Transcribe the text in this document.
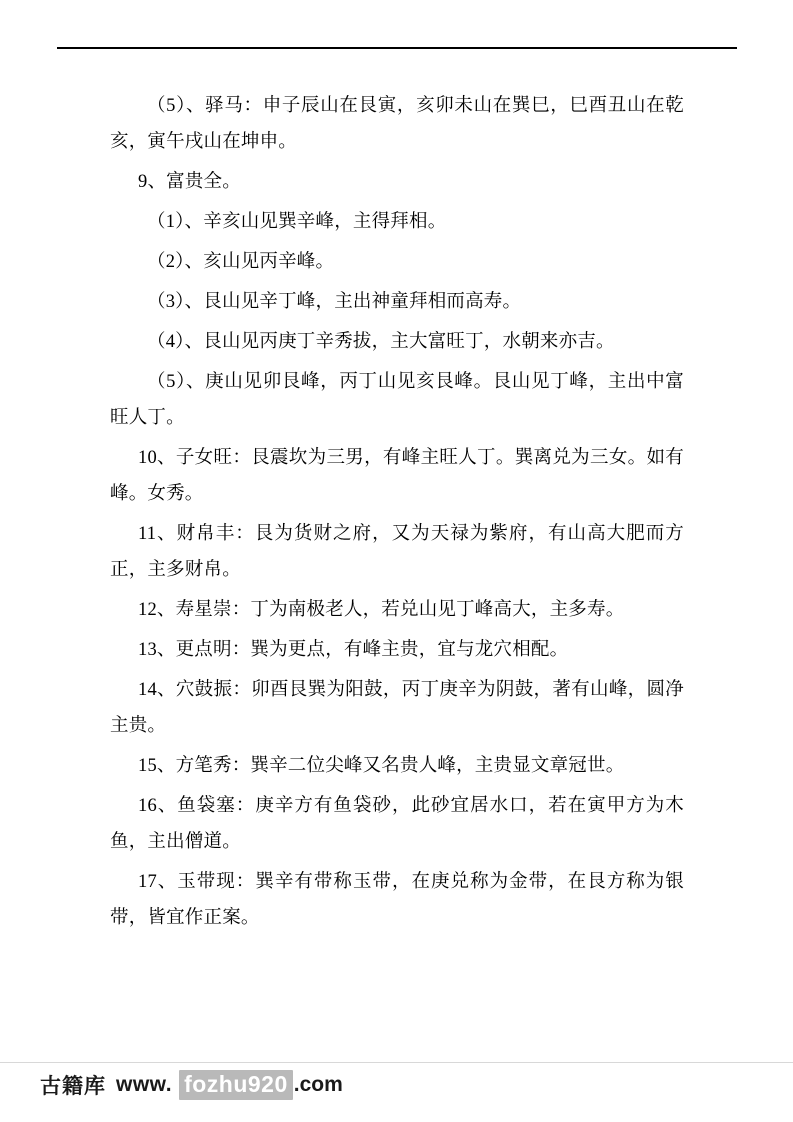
（5）、驿马：申子辰山在艮寅，亥卯未山在巽巳，巳酉丑山在乾亥，寅午戌山在坤申。

9、富贵全。

（1）、辛亥山见巽辛峰，主得拜相。

（2）、亥山见丙辛峰。

（3）、艮山见辛丁峰，主出神童拜相而高寿。

（4）、艮山见丙庚丁辛秀拔，主大富旺丁，水朝来亦吉。

（5）、庚山见卯艮峰，丙丁山见亥艮峰。艮山见丁峰，主出中富旺人丁。

10、子女旺：艮震坎为三男，有峰主旺人丁。巽离兑为三女。如有峰。女秀。

11、财帛丰：艮为货财之府，又为天禄为紫府，有山高大肥而方正，主多财帛。

12、寿星崇：丁为南极老人，若兑山见丁峰高大，主多寿。

13、更点明：巽为更点，有峰主贵，宜与龙穴相配。

14、穴鼓振：卯酉艮巽为阳鼓，丙丁庚辛为阴鼓，著有山峰，圆净主贵。

15、方笔秀：巽辛二位尖峰又名贵人峰，主贵显文章冠世。

16、鱼袋塞：庚辛方有鱼袋砂，此砂宜居水口，若在寅甲方为木鱼，主出僧道。

17、玉带现：巽辛有带称玉带，在庚兑称为金带，在艮方称为银带，皆宜作正案。

古籍库 www. fozhu920 .com
